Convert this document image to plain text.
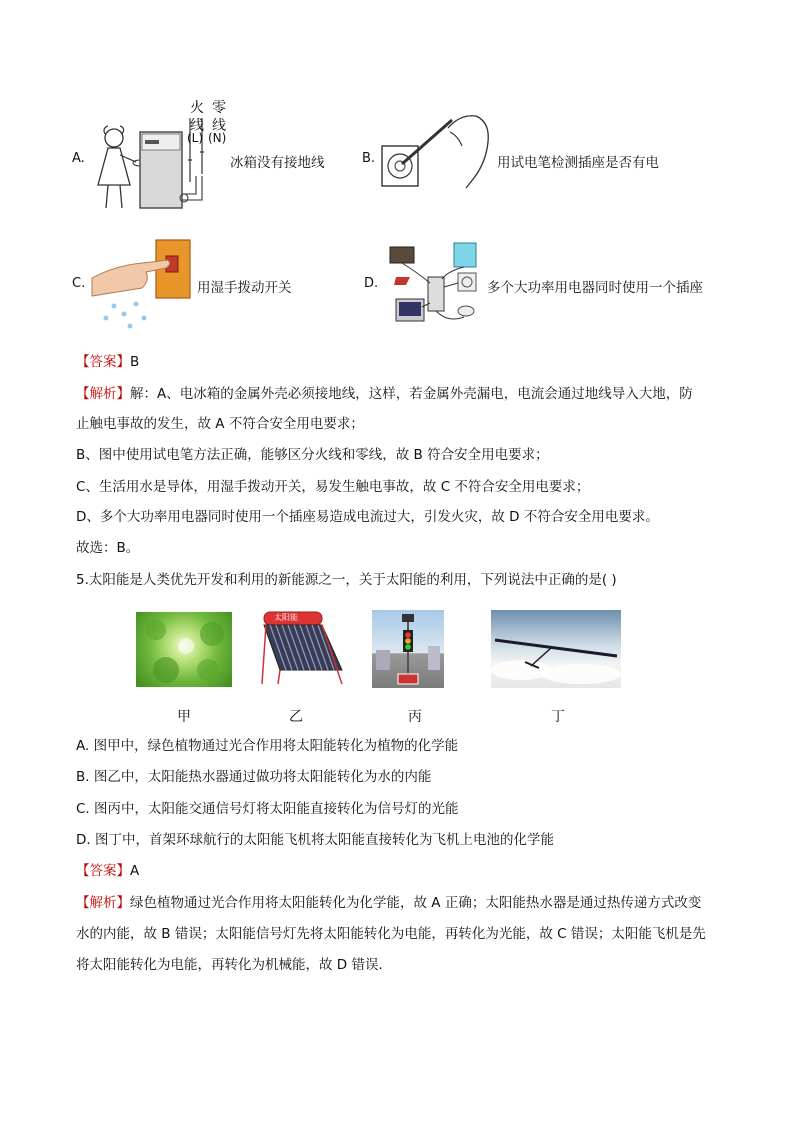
A.
火 零
线 线
(L) (N)
冰箱没有接地线	B.	用试电笔检测插座是否有电
C.	用湿手拨动开关	D.	多个大功率用电器同时使用一个插座
【答案】B
【解析】解：A、电冰箱的金属外壳必须接地线，这样，若金属外壳漏电，电流会通过地线导入大地，防
止触电事故的发生，故 A 不符合安全用电要求；
B、图中使用试电笔方法正确，能够区分火线和零线，故 B 符合安全用电要求；
C、生活用水是导体，用湿手拨动开关，易发生触电事故，故 C 不符合安全用电要求；
D、多个大功率用电器同时使用一个插座易造成电流过大，引发火灾，故 D 不符合安全用电要求。
故选：B。
5.太阳能是人类优先开发和利用的新能源之一，关于太阳能的利用，下列说法中正确的是( )
太阳能
甲	乙	丙	丁
A. 图甲中，绿色植物通过光合作用将太阳能转化为植物的化学能
B. 图乙中，太阳能热水器通过做功将太阳能转化为水的内能
C. 图丙中，太阳能交通信号灯将太阳能直接转化为信号灯的光能
D. 图丁中，首架环球航行的太阳能飞机将太阳能直接转化为飞机上电池的化学能
【答案】A
【解析】绿色植物通过光合作用将太阳能转化为化学能，故 A 正确；太阳能热水器是通过热传递方式改变
水的内能，故 B 错误；太阳能信号灯先将太阳能转化为电能，再转化为光能，故 C 错误；太阳能飞机是先
将太阳能转化为电能，再转化为机械能，故 D 错误．
